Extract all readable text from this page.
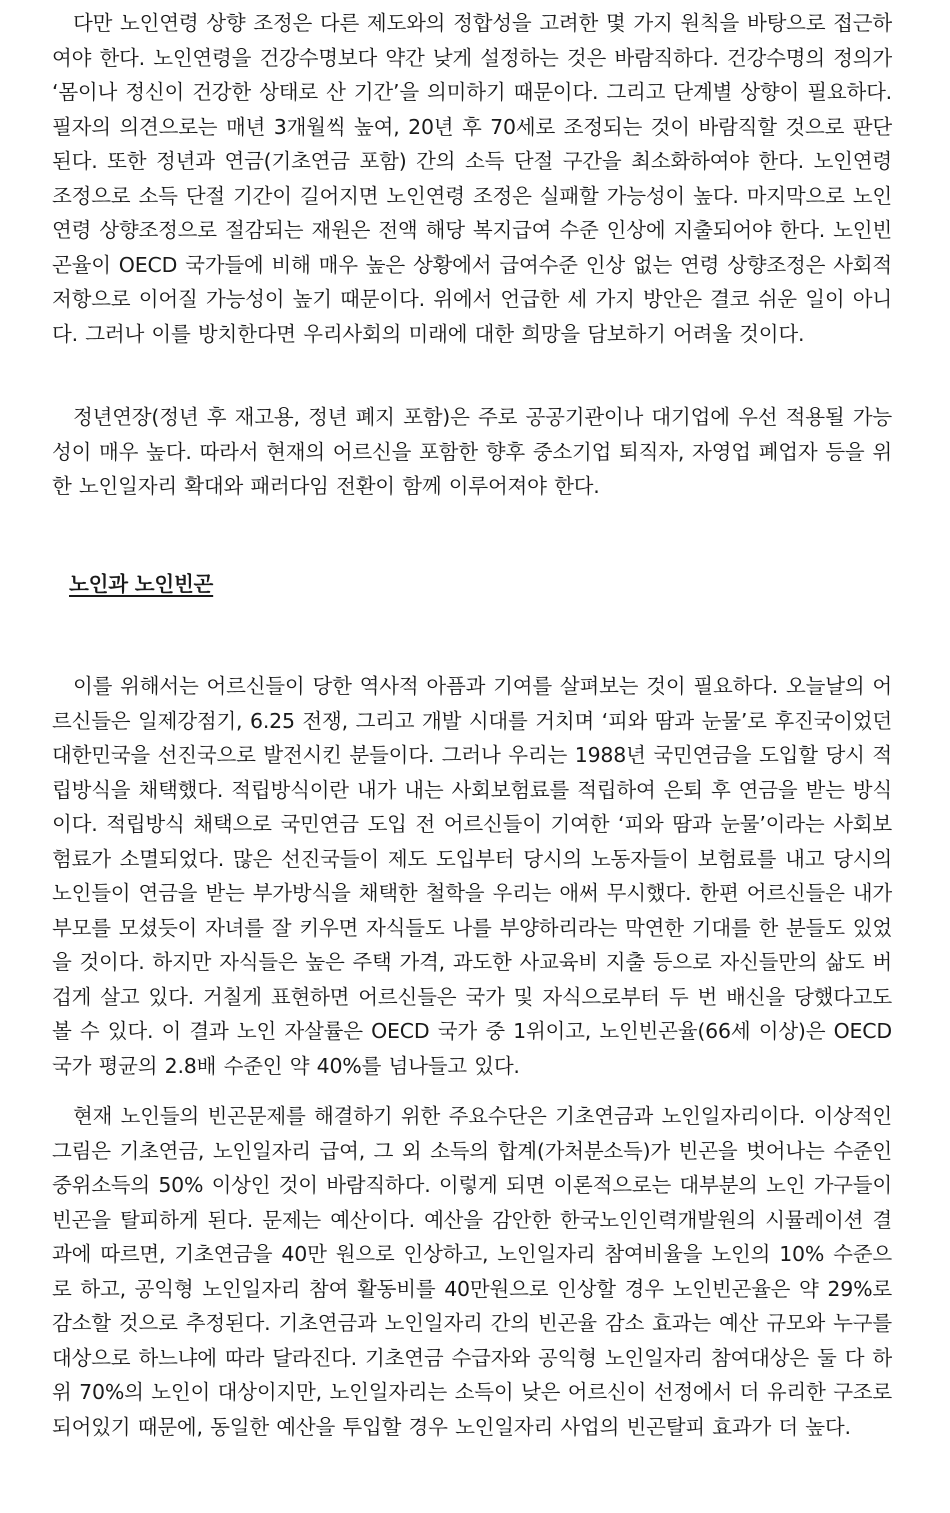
다만 노인연령 상향 조정은 다른 제도와의 정합성을 고려한 몇 가지 원칙을 바탕으로 접근하여야 한다. 노인연령을 건강수명보다 약간 낮게 설정하는 것은 바람직하다. 건강수명의 정의가 ‘몸이나 정신이 건강한 상태로 산 기간’을 의미하기 때문이다. 그리고 단계별 상향이 필요하다. 필자의 의견으로는 매년 3개월씩 높여, 20년 후 70세로 조정되는 것이 바람직할 것으로 판단된다. 또한 정년과 연금(기초연금 포함) 간의 소득 단절 구간을 최소화하여야 한다. 노인연령 조정으로 소득 단절 기간이 길어지면 노인연령 조정은 실패할 가능성이 높다. 마지막으로 노인연령 상향조정으로 절감되는 재원은 전액 해당 복지급여 수준 인상에 지출되어야 한다. 노인빈곤율이 OECD 국가들에 비해 매우 높은 상황에서 급여수준 인상 없는 연령 상향조정은 사회적 저항으로 이어질 가능성이 높기 때문이다. 위에서 언급한 세 가지 방안은 결코 쉬운 일이 아니다. 그러나 이를 방치한다면 우리사회의 미래에 대한 희망을 담보하기 어려울 것이다.

정년연장(정년 후 재고용, 정년 폐지 포함)은 주로 공공기관이나 대기업에 우선 적용될 가능성이 매우 높다. 따라서 현재의 어르신을 포함한 향후 중소기업 퇴직자, 자영업 폐업자 등을 위한 노인일자리 확대와 패러다임 전환이 함께 이루어져야 한다.

노인과 노인빈곤

이를 위해서는 어르신들이 당한 역사적 아픔과 기여를 살펴보는 것이 필요하다. 오늘날의 어르신들은 일제강점기, 6.25 전쟁, 그리고 개발 시대를 거치며 ‘피와 땀과 눈물’로 후진국이었던 대한민국을 선진국으로 발전시킨 분들이다. 그러나 우리는 1988년 국민연금을 도입할 당시 적립방식을 채택했다. 적립방식이란 내가 내는 사회보험료를 적립하여 은퇴 후 연금을 받는 방식이다. 적립방식 채택으로 국민연금 도입 전 어르신들이 기여한 ‘피와 땀과 눈물’이라는 사회보험료가 소멸되었다. 많은 선진국들이 제도 도입부터 당시의 노동자들이 보험료를 내고 당시의 노인들이 연금을 받는 부가방식을 채택한 철학을 우리는 애써 무시했다. 한편 어르신들은 내가 부모를 모셨듯이 자녀를 잘 키우면 자식들도 나를 부양하리라는 막연한 기대를 한 분들도 있었을 것이다. 하지만 자식들은 높은 주택 가격, 과도한 사교육비 지출 등으로 자신들만의 삶도 버겁게 살고 있다. 거칠게 표현하면 어르신들은 국가 및 자식으로부터 두 번 배신을 당했다고도 볼 수 있다. 이 결과 노인 자살률은 OECD 국가 중 1위이고, 노인빈곤율(66세 이상)은 OECD 국가 평균의 2.8배 수준인 약 40%를 넘나들고 있다.

현재 노인들의 빈곤문제를 해결하기 위한 주요수단은 기초연금과 노인일자리이다. 이상적인 그림은 기초연금, 노인일자리 급여, 그 외 소득의 합계(가처분소득)가 빈곤을 벗어나는 수준인 중위소득의 50% 이상인 것이 바람직하다. 이렇게 되면 이론적으로는 대부분의 노인 가구들이 빈곤을 탈피하게 된다. 문제는 예산이다. 예산을 감안한 한국노인인력개발원의 시뮬레이션 결과에 따르면, 기초연금을 40만 원으로 인상하고, 노인일자리 참여비율을 노인의 10% 수준으로 하고, 공익형 노인일자리 참여 활동비를 40만원으로 인상할 경우 노인빈곤율은 약 29%로 감소할 것으로 추정된다. 기초연금과 노인일자리 간의 빈곤율 감소 효과는 예산 규모와 누구를 대상으로 하느냐에 따라 달라진다. 기초연금 수급자와 공익형 노인일자리 참여대상은 둘 다 하위 70%의 노인이 대상이지만, 노인일자리는 소득이 낮은 어르신이 선정에서 더 유리한 구조로 되어있기 때문에, 동일한 예산을 투입할 경우 노인일자리 사업의 빈곤탈피 효과가 더 높다.
